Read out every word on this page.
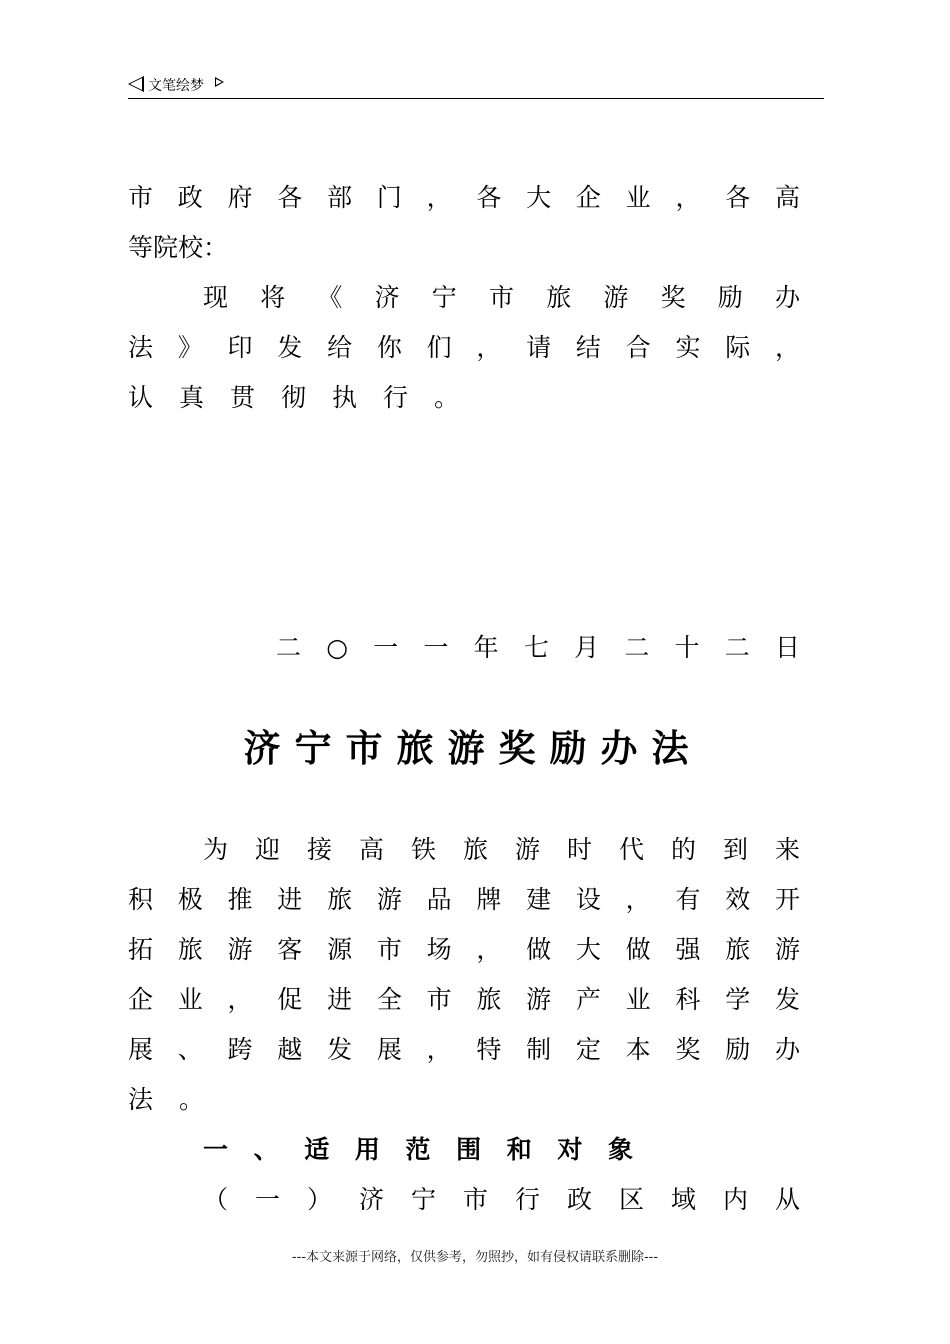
文笔绘梦
市政府各部门，各大企业，各高
等院校：
现将《济宁市旅游奖励办
法》印发给你们，请结合实际，
认真贯彻执行。
二○一一年七月二十二日
济宁市旅游奖励办法
为迎接高铁旅游时代的到来
积极推进旅游品牌建设，有效开
拓旅游客源市场，做大做强旅游
企业，促进全市旅游产业科学发
展、跨越发展，特制定本奖励办
法。
一、适用范围和对象
（一）济宁市行政区域内从
---本文来源于网络，仅供参考，勿照抄，如有侵权请联系删除---
